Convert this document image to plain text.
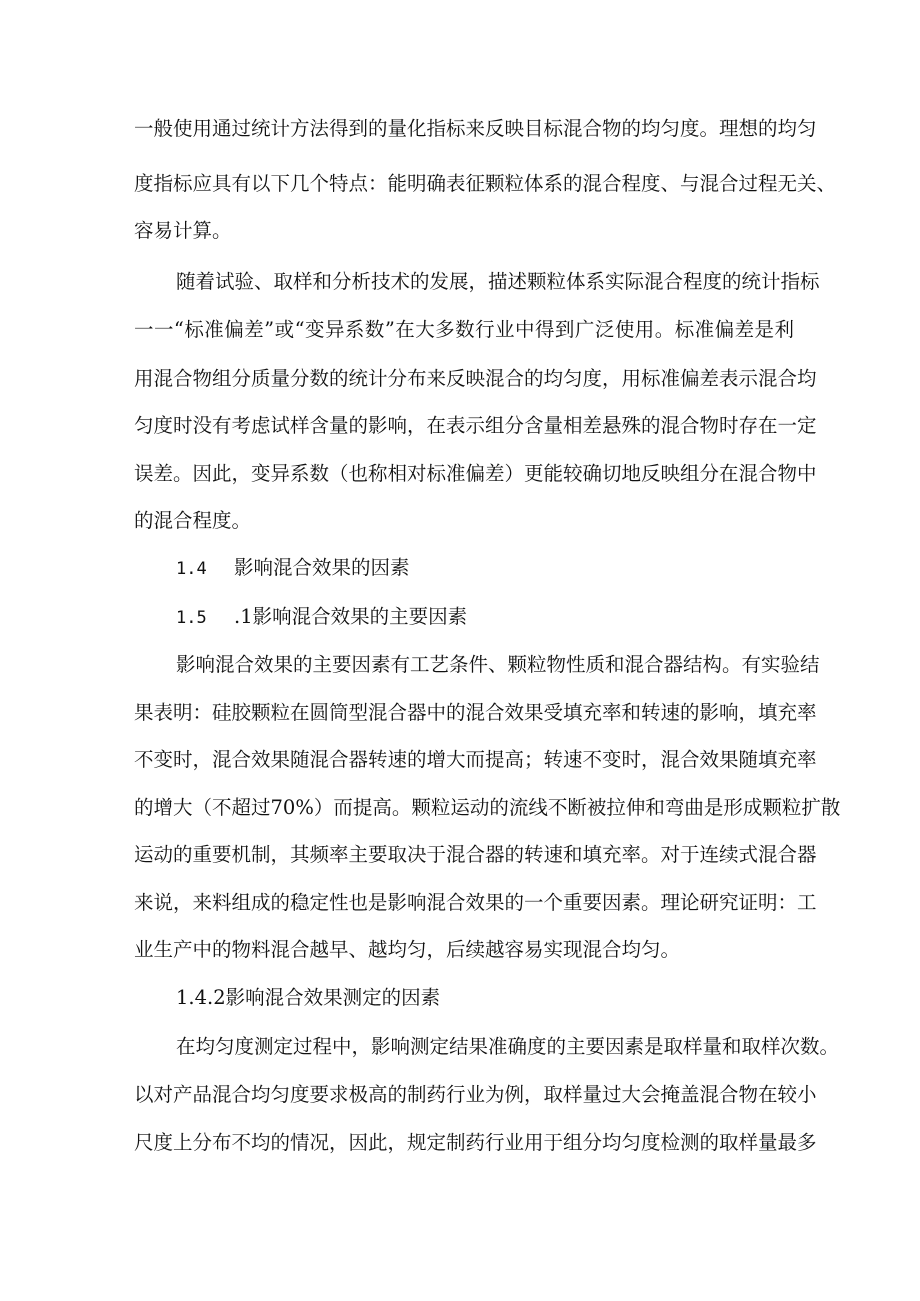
一般使用通过统计方法得到的量化指标来反映目标混合物的均匀度。理想的均匀
度指标应具有以下几个特点：能明确表征颗粒体系的混合程度、与混合过程无关、
容易计算。
随着试验、取样和分析技术的发展，描述颗粒体系实际混合程度的统计指标
一一“标准偏差”或“变异系数”在大多数行业中得到广泛使用。标准偏差是利
用混合物组分质量分数的统计分布来反映混合的均匀度，用标准偏差表示混合均
匀度时没有考虑试样含量的影响，在表示组分含量相差悬殊的混合物时存在一定
误差。因此，变异系数（也称相对标准偏差）更能较确切地反映组分在混合物中
的混合程度。
1.4 影响混合效果的因素
1.5 .1影响混合效果的主要因素
影响混合效果的主要因素有工艺条件、颗粒物性质和混合器结构。有实验结
果表明：硅胶颗粒在圆筒型混合器中的混合效果受填充率和转速的影响，填充率
不变时，混合效果随混合器转速的增大而提高；转速不变时，混合效果随填充率
的增大（不超过70%）而提高。颗粒运动的流线不断被拉伸和弯曲是形成颗粒扩散
运动的重要机制，其频率主要取决于混合器的转速和填充率。对于连续式混合器
来说，来料组成的稳定性也是影响混合效果的一个重要因素。理论研究证明：工
业生产中的物料混合越早、越均匀，后续越容易实现混合均匀。
1.4.2影响混合效果测定的因素
在均匀度测定过程中，影响测定结果准确度的主要因素是取样量和取样次数。
以对产品混合均匀度要求极高的制药行业为例，取样量过大会掩盖混合物在较小
尺度上分布不均的情况，因此，规定制药行业用于组分均匀度检测的取样量最多
